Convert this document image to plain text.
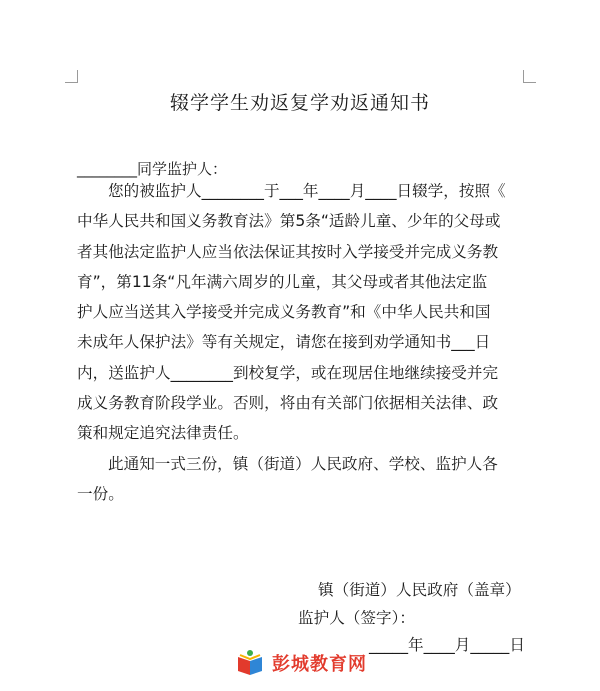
辍学学生劝返复学劝返通知书
________同学监护人：
您的被监护人________于___年____月____日辍学，按照《
中华人民共和国义务教育法》第5条“适龄儿童、少年的父母或
者其他法定监护人应当依法保证其按时入学接受并完成义务教
育”，第11条“凡年满六周岁的儿童，其父母或者其他法定监
护人应当送其入学接受并完成义务教育”和《中华人民共和国
未成年人保护法》等有关规定，请您在接到劝学通知书___日
内，送监护人________到校复学，或在现居住地继续接受并完
成义务教育阶段学业。否则，将由有关部门依据相关法律、政
策和规定追究法律责任。
此通知一式三份，镇（街道）人民政府、学校、监护人各
一份。
镇（街道）人民政府（盖章）
监护人（签字）：
_____年____月_____日
彭城教育网
